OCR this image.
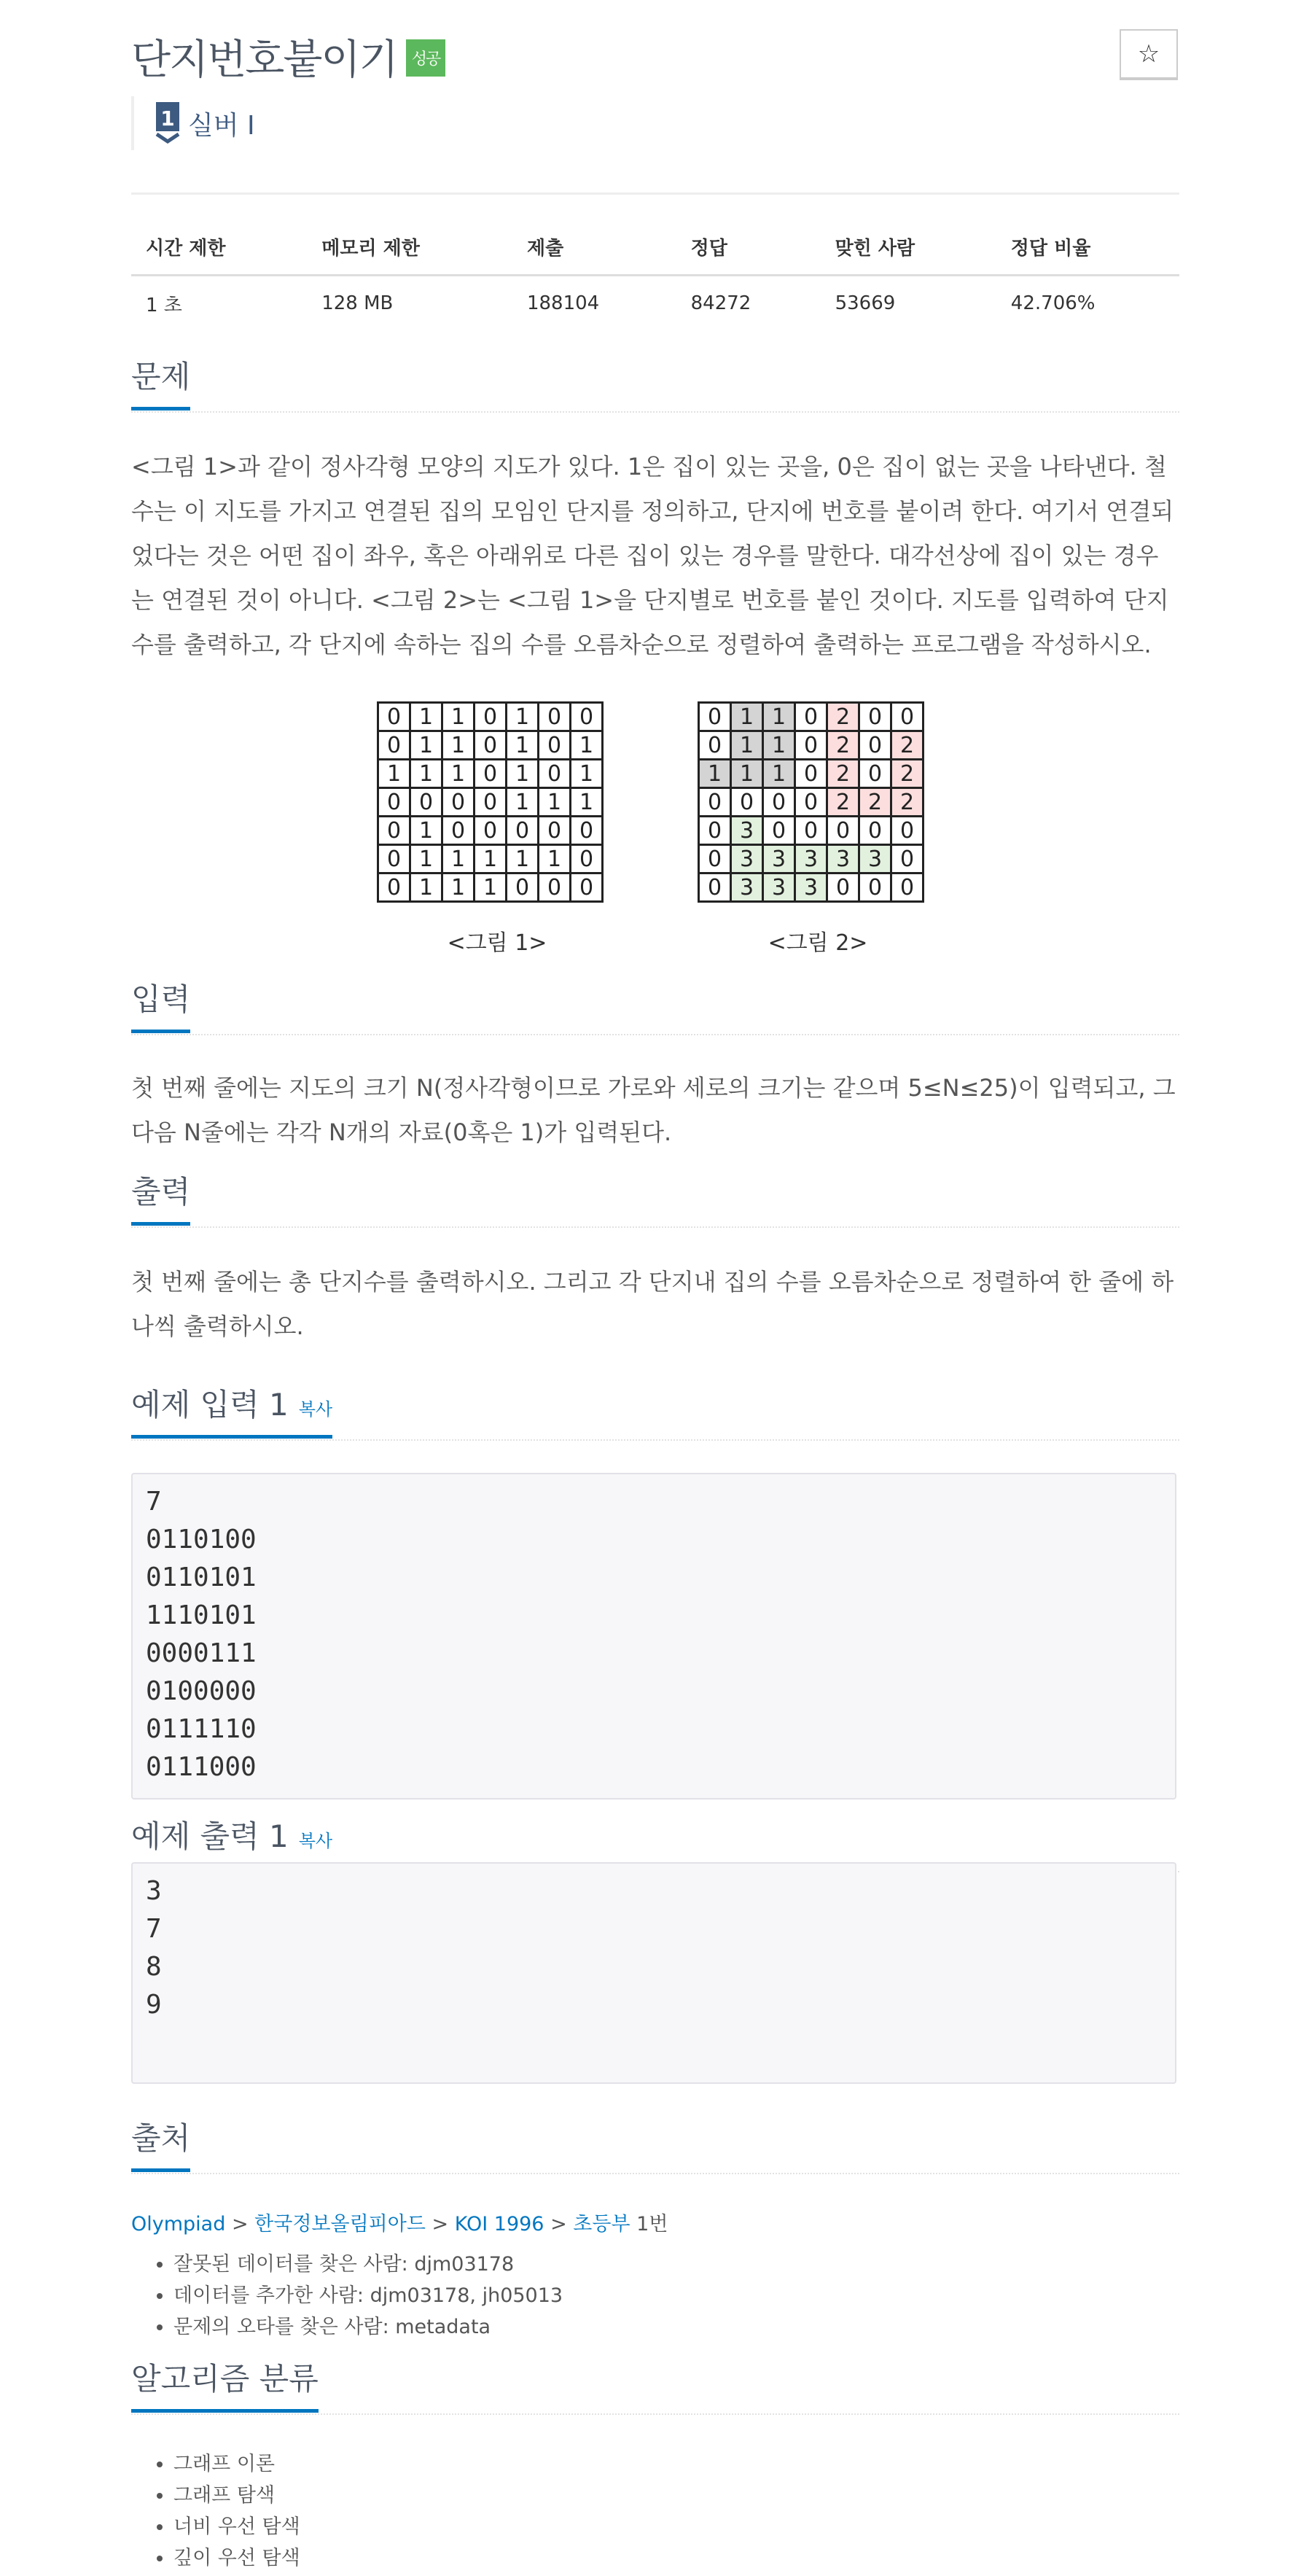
단지번호붙이기 성공	☆
1 실버 I
시간 제한	메모리 제한	제출	정답	맞힌 사람	정답 비율
1 초	128 MB	188104	84272	53669	42.706%
문제
<그림 1>과 같이 정사각형 모양의 지도가 있다. 1은 집이 있는 곳을, 0은 집이 없는 곳을 나타낸다. 철수는 이 지도를 가지고 연결된 집의 모임인 단지를 정의하고, 단지에 번호를 붙이려 한다. 여기서 연결되었다는 것은 어떤 집이 좌우, 혹은 아래위로 다른 집이 있는 경우를 말한다. 대각선상에 집이 있는 경우는 연결된 것이 아니다. <그림 2>는 <그림 1>을 단지별로 번호를 붙인 것이다. 지도를 입력하여 단지수를 출력하고, 각 단지에 속하는 집의 수를 오름차순으로 정렬하여 출력하는 프로그램을 작성하시오.
0	1	1	0	1	0	0
0	1	1	0	1	0	1
1	1	1	0	1	0	1
0	0	0	0	1	1	1
0	1	0	0	0	0	0
0	1	1	1	1	1	0
0	1	1	1	0	0	0
0	1	1	0	2	0	0
0	1	1	0	2	0	2
1	1	1	0	2	0	2
0	0	0	0	2	2	2
0	3	0	0	0	0	0
0	3	3	3	3	3	0
0	3	3	3	0	0	0
<그림 1>	<그림 2>
입력
첫 번째 줄에는 지도의 크기 N(정사각형이므로 가로와 세로의 크기는 같으며 5≤N≤25)이 입력되고, 그 다음 N줄에는 각각 N개의 자료(0혹은 1)가 입력된다.
출력
첫 번째 줄에는 총 단지수를 출력하시오. 그리고 각 단지내 집의 수를 오름차순으로 정렬하여 한 줄에 하나씩 출력하시오.
예제 입력 1 복사
7
0110100
0110101
1110101
0000111
0100000
0111110
0111000
예제 출력 1 복사
3
7
8
9
출처
Olympiad > 한국정보올림피아드 > KOI 1996 > 초등부 1번
• 잘못된 데이터를 찾은 사람: djm03178
• 데이터를 추가한 사람: djm03178, jh05013
• 문제의 오타를 찾은 사람: metadata
알고리즘 분류
• 그래프 이론
• 그래프 탐색
• 너비 우선 탐색
• 깊이 우선 탐색
